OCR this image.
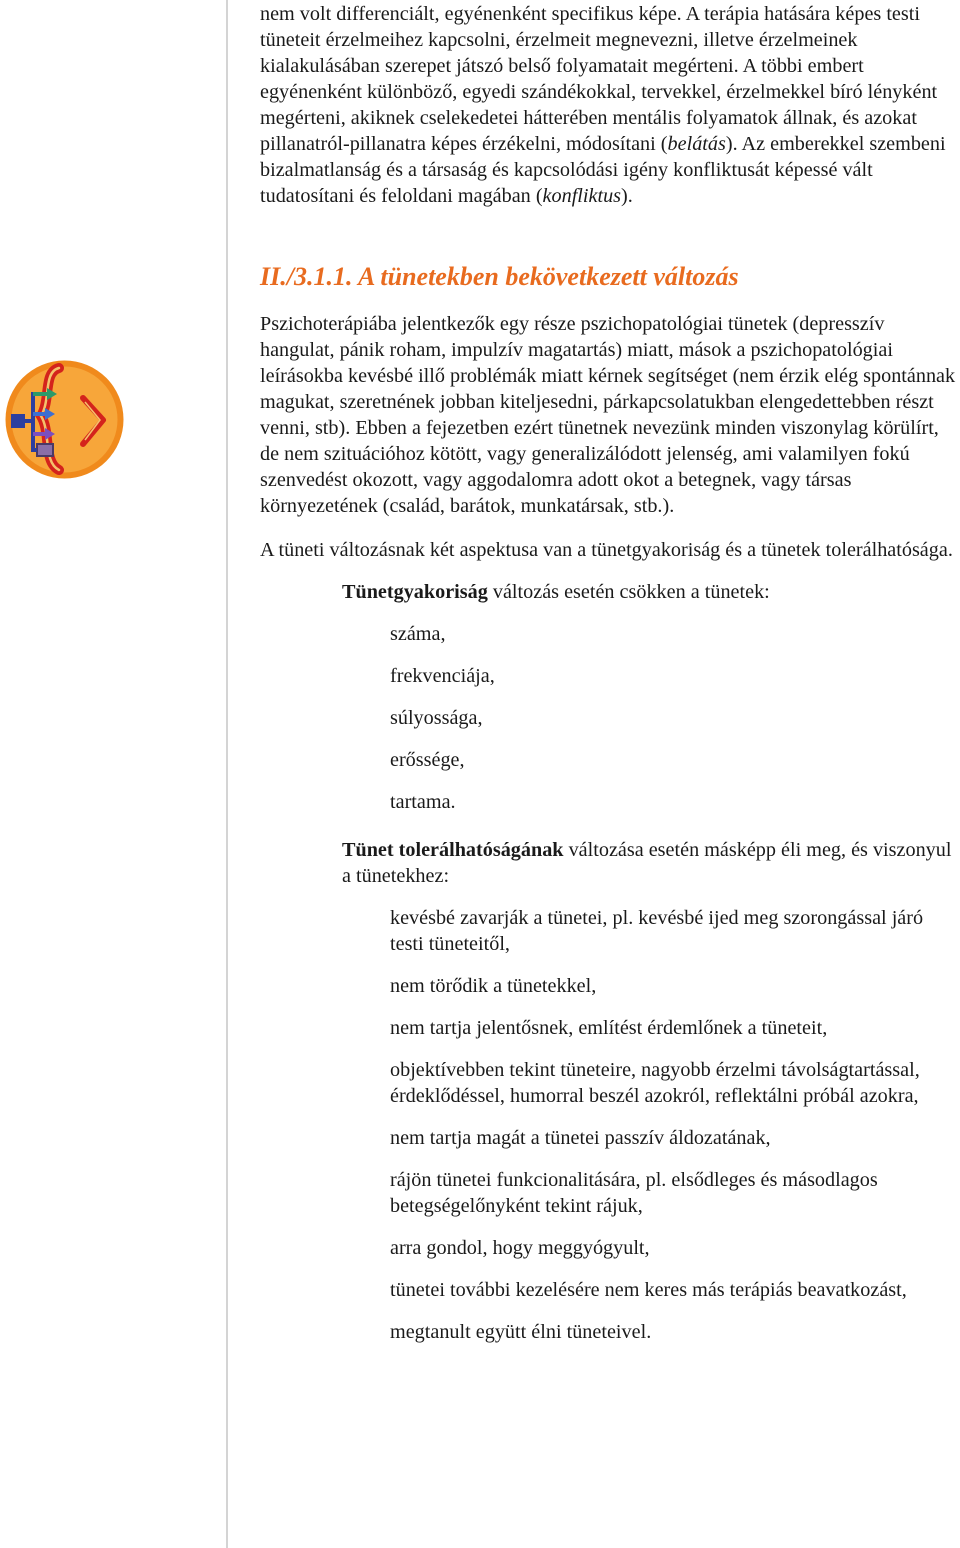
nem volt differenciált, egyénenként specifikus képe. A terápia hatására képes testi tüneteit érzelmeihez kapcsolni, érzelmeit megnevezni, illetve érzelmeinek kialakulásában szerepet játszó belső folyamatait megérteni. A többi embert egyénenként különböző, egyedi szándékokkal, tervekkel, érzelmekkel bíró lényként megérteni, akiknek cselekedetei hátterében mentális folyamatok állnak, és azokat pillanatról-pillanatra képes érzékelni, módosítani (belátás). Az emberekkel szembeni bizalmatlanság és a társaság és kapcsolódási igény konfliktusát képessé vált tudatosítani és feloldani magában (konfliktus).

II./3.1.1. A tünetekben bekövetkezett változás

Pszichoterápiába jelentkezők egy része pszichopatológiai tünetek (depresszív hangulat, pánik roham, impulzív magatartás) miatt, mások a pszichopatológiai leírásokba kevésbé illő problémák miatt kérnek segítséget (nem érzik elég spontánnak magukat, szeretnének jobban kiteljesedni, párkapcsolatukban elengedettebben részt venni, stb). Ebben a fejezetben ezért tünetnek nevezünk minden viszonylag körülírt, de nem szituációhoz kötött, vagy generalizálódott jelenség, ami valamilyen fokú szenvedést okozott, vagy aggodalomra adott okot a betegnek, vagy társas környezetének (család, barátok, munkatársak, stb.).

A tüneti változásnak két aspektusa van a tünetgyakoriság és a tünetek tolerálhatósága.

Tünetgyakoriság változás esetén csökken a tünetek:

száma,
frekvenciája,
súlyossága,
erőssége,
tartama.

Tünet tolerálhatóságának változása esetén másképp éli meg, és viszonyul a tünetekhez:

kevésbé zavarják a tünetei, pl. kevésbé ijed meg szorongással járó testi tüneteitől,
nem törődik a tünetekkel,
nem tartja jelentősnek, említést érdemlőnek a tüneteit,
objektívebben tekint tüneteire, nagyobb érzelmi távolságtartással, érdeklődéssel, humorral beszél azokról, reflektálni próbál azokra,
nem tartja magát a tünetei passzív áldozatának,
rájön tünetei funkcionalitására, pl. elsődleges és másodlagos betegségelőnyként tekint rájuk,
arra gondol, hogy meggyógyult,
tünetei további kezelésére nem keres más terápiás beavatkozást,
megtanult együtt élni tüneteivel.
